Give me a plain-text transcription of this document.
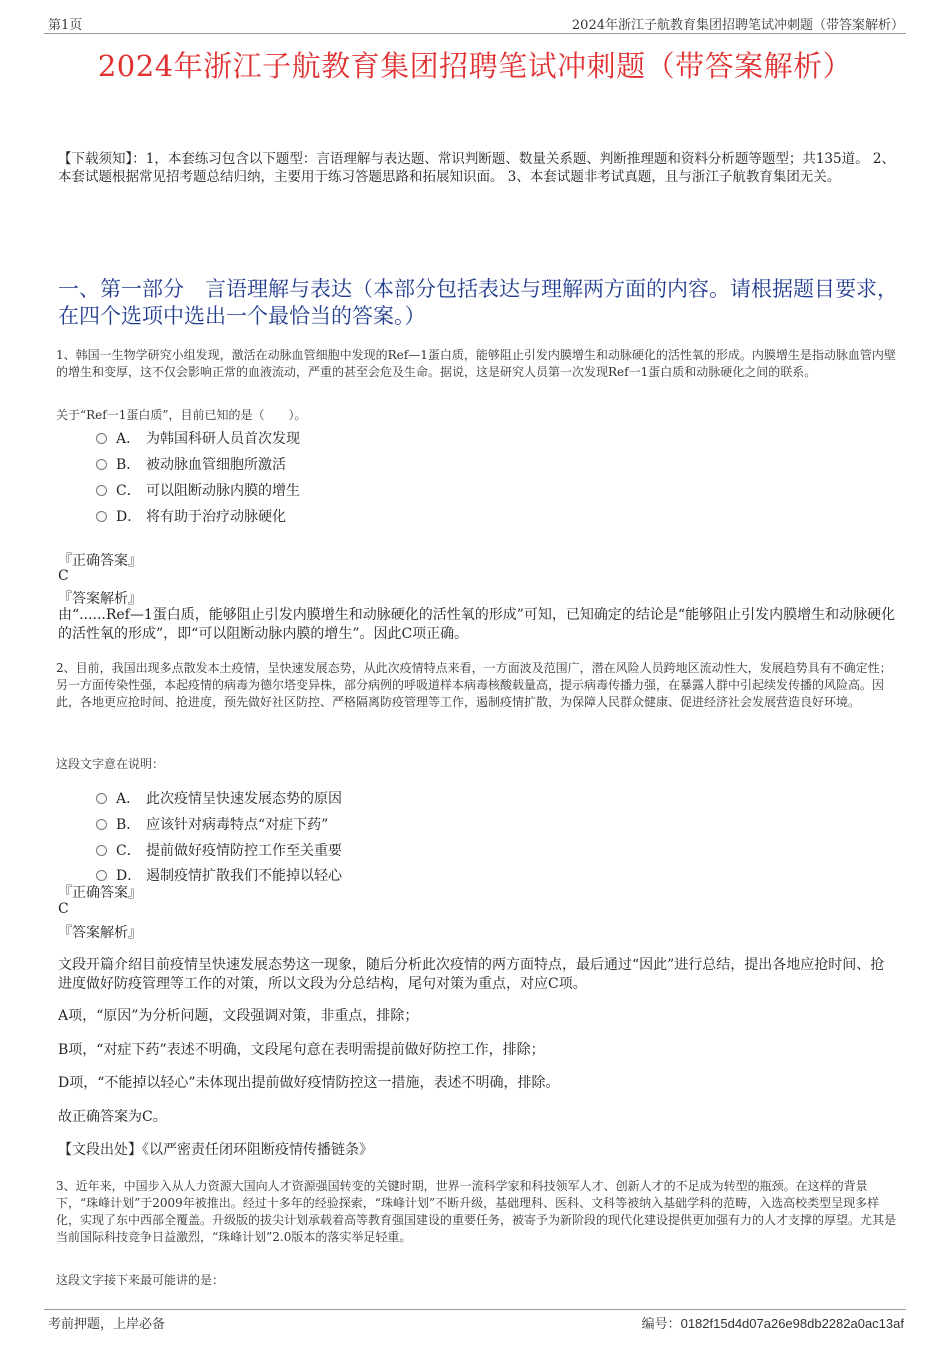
第1页	2024年浙江子航教育集团招聘笔试冲刺题（带答案解析）
2024年浙江子航教育集团招聘笔试冲刺题（带答案解析）
【下载须知】：1，本套练习包含以下题型：言语理解与表达题、常识判断题、数量关系题、判断推理题和资料分析题等题型；共135道。 2、本套试题根据常见招考题总结归纳，主要用于练习答题思路和拓展知识面。 3、本套试题非考试真题，且与浙江子航教育集团无关。
一、第一部分　言语理解与表达（本部分包括表达与理解两方面的内容。请根据题目要求，在四个选项中选出一个最恰当的答案。）
1、韩国一生物学研究小组发现，激活在动脉血管细胞中发现的Ref—1蛋白质，能够阻止引发内膜增生和动脉硬化的活性氧的形成。内膜增生是指动脉血管内壁的增生和变厚，这不仅会影响正常的血液流动，严重的甚至会危及生命。据说，这是研究人员第一次发现Ref一1蛋白质和动脉硬化之间的联系。
关于“Ref一1蛋白质”，目前已知的是（　　）。
A． 为韩国科研人员首次发现
B． 被动脉血管细胞所激活
C． 可以阻断动脉内膜的增生
D． 将有助于治疗动脉硬化
『正确答案』
C
『答案解析』
由“......Ref—1蛋白质，能够阻止引发内膜增生和动脉硬化的活性氧的形成”可知，已知确定的结论是“能够阻止引发内膜增生和动脉硬化的活性氧的形成”，即“可以阻断动脉内膜的增生”。因此C项正确。
2、目前，我国出现多点散发本土疫情，呈快速发展态势，从此次疫情特点来看，一方面波及范围广，潜在风险人员跨地区流动性大，发展趋势具有不确定性；另一方面传染性强，本起疫情的病毒为德尔塔变异株，部分病例的呼吸道样本病毒核酸载量高，提示病毒传播力强，在暴露人群中引起续发传播的风险高。因此，各地更应抢时间、抢进度，预先做好社区防控、严格隔离防疫管理等工作，遏制疫情扩散，为保障人民群众健康、促进经济社会发展营造良好环境。
这段文字意在说明：
A． 此次疫情呈快速发展态势的原因
B． 应该针对病毒特点“对症下药”
C． 提前做好疫情防控工作至关重要
D． 遏制疫情扩散我们不能掉以轻心
『正确答案』
C
『答案解析』
文段开篇介绍目前疫情呈快速发展态势这一现象，随后分析此次疫情的两方面特点，最后通过“因此”进行总结，提出各地应抢时间、抢进度做好防疫管理等工作的对策，所以文段为分总结构，尾句对策为重点，对应C项。
A项，“原因”为分析问题，文段强调对策，非重点，排除；
B项，“对症下药”表述不明确，文段尾句意在表明需提前做好防控工作，排除；
D项，“不能掉以轻心”未体现出提前做好疫情防控这一措施，表述不明确，排除。
故正确答案为C。
【文段出处】《以严密责任闭环阻断疫情传播链条》
3、近年来，中国步入从人力资源大国向人才资源强国转变的关键时期，世界一流科学家和科技领军人才、创新人才的不足成为转型的瓶颈。在这样的背景下，“珠峰计划”于2009年被推出。经过十多年的经验探索，“珠峰计划”不断升级，基础理科、医科、文科等被纳入基础学科的范畴，入选高校类型呈现多样化，实现了东中西部全覆盖。升级版的拔尖计划承载着高等教育强国建设的重要任务，被寄予为新阶段的现代化建设提供更加强有力的人才支撑的厚望。尤其是当前国际科技竞争日益激烈，“珠峰计划”2.0版本的落实举足轻重。
这段文字接下来最可能讲的是：
考前押题，上岸必备	编号：0182f15d4d07a26e98db2282a0ac13af
